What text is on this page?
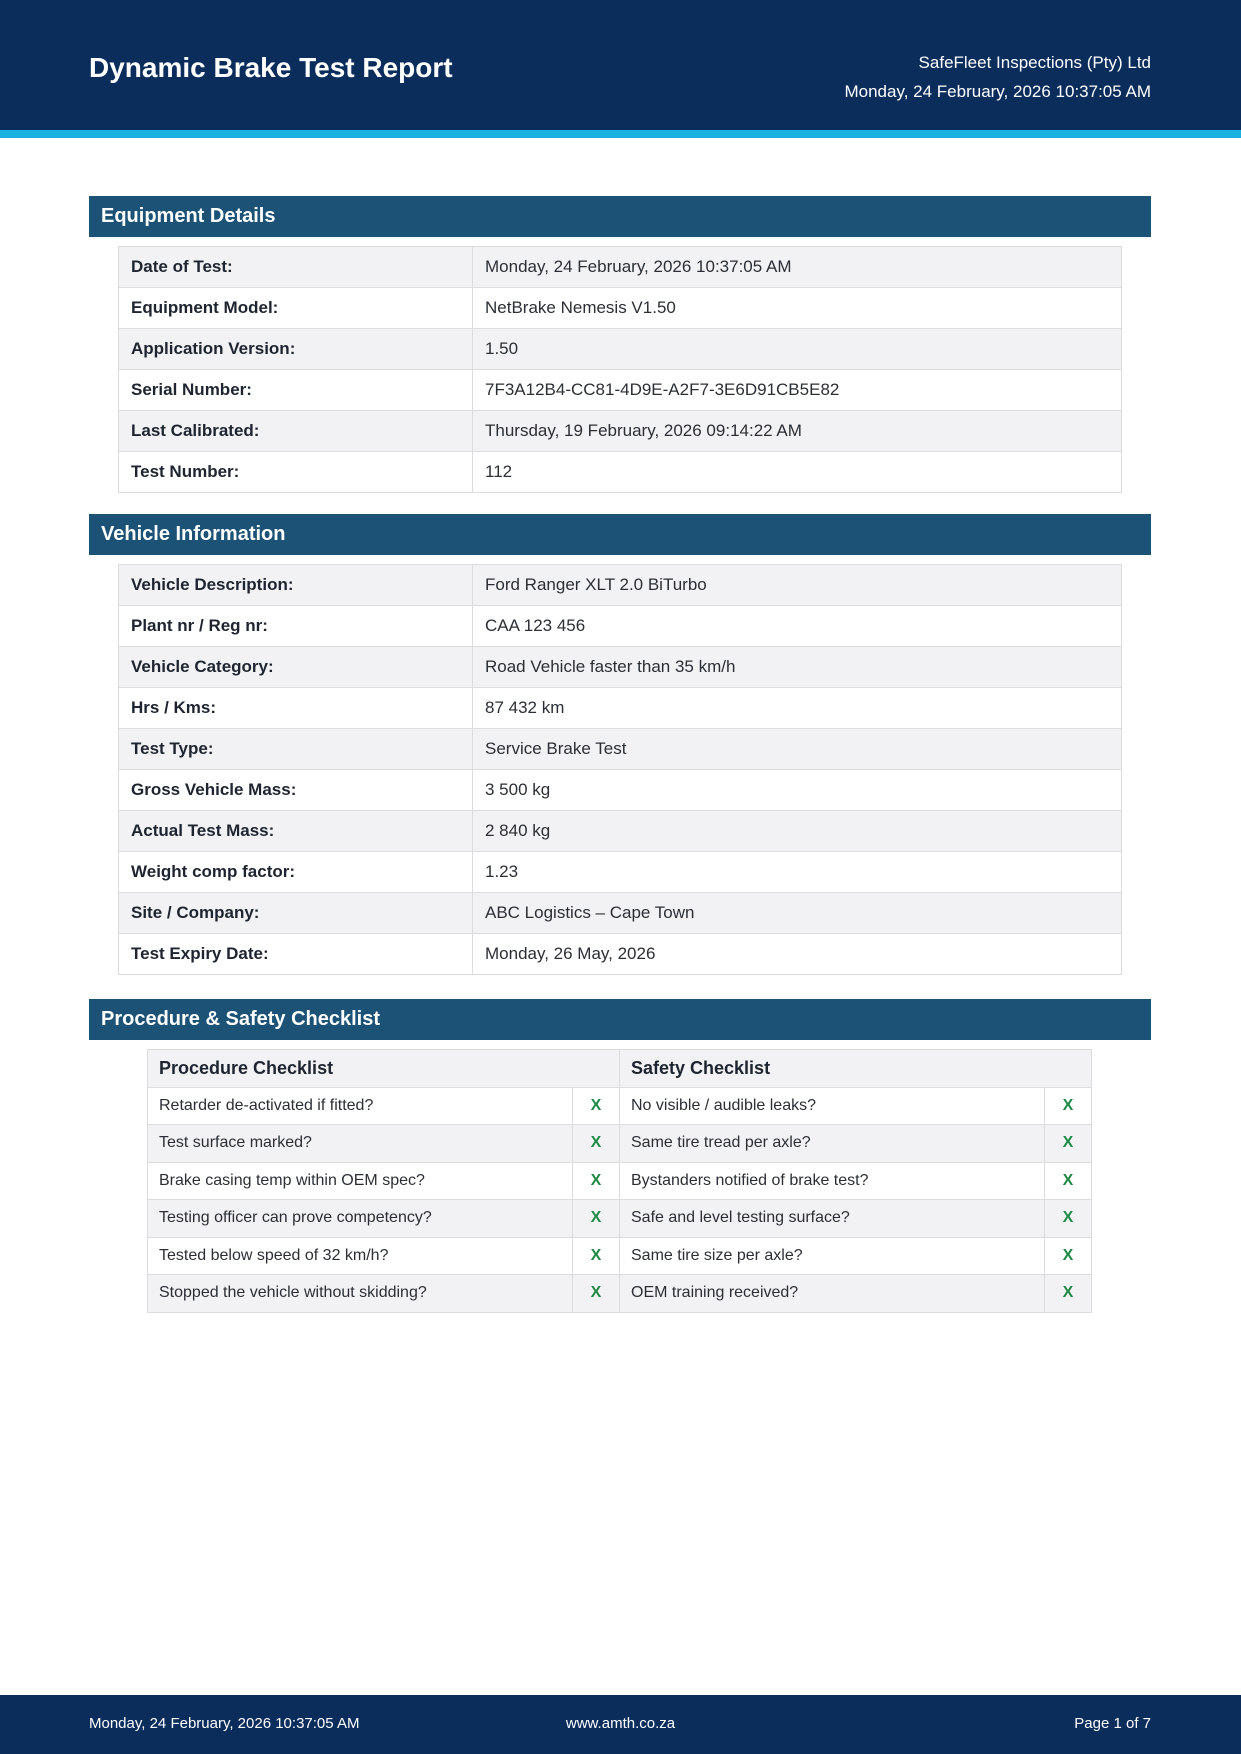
Dynamic Brake Test Report	SafeFleet Inspections (Pty) Ltd
Monday, 24 February, 2026 10:37:05 AM
Equipment Details
Date of Test:	Monday, 24 February, 2026 10:37:05 AM
Equipment Model:	NetBrake Nemesis V1.50
Application Version:	1.50
Serial Number:	7F3A12B4-CC81-4D9E-A2F7-3E6D91CB5E82
Last Calibrated:	Thursday, 19 February, 2026 09:14:22 AM
Test Number:	112
Vehicle Information
Vehicle Description:	Ford Ranger XLT 2.0 BiTurbo
Plant nr / Reg nr:	CAA 123 456
Vehicle Category:	Road Vehicle faster than 35 km/h
Hrs / Kms:	87 432 km
Test Type:	Service Brake Test
Gross Vehicle Mass:	3 500 kg
Actual Test Mass:	2 840 kg
Weight comp factor:	1.23
Site / Company:	ABC Logistics – Cape Town
Test Expiry Date:	Monday, 26 May, 2026
Procedure & Safety Checklist
Procedure Checklist		Safety Checklist	
Retarder de-activated if fitted?	X	No visible / audible leaks?	X
Test surface marked?	X	Same tire tread per axle?	X
Brake casing temp within OEM spec?	X	Bystanders notified of brake test?	X
Testing officer can prove competency?	X	Safe and level testing surface?	X
Tested below speed of 32 km/h?	X	Same tire size per axle?	X
Stopped the vehicle without skidding?	X	OEM training received?	X
Monday, 24 February, 2026 10:37:05 AM	www.amth.co.za	Page 1 of 7
